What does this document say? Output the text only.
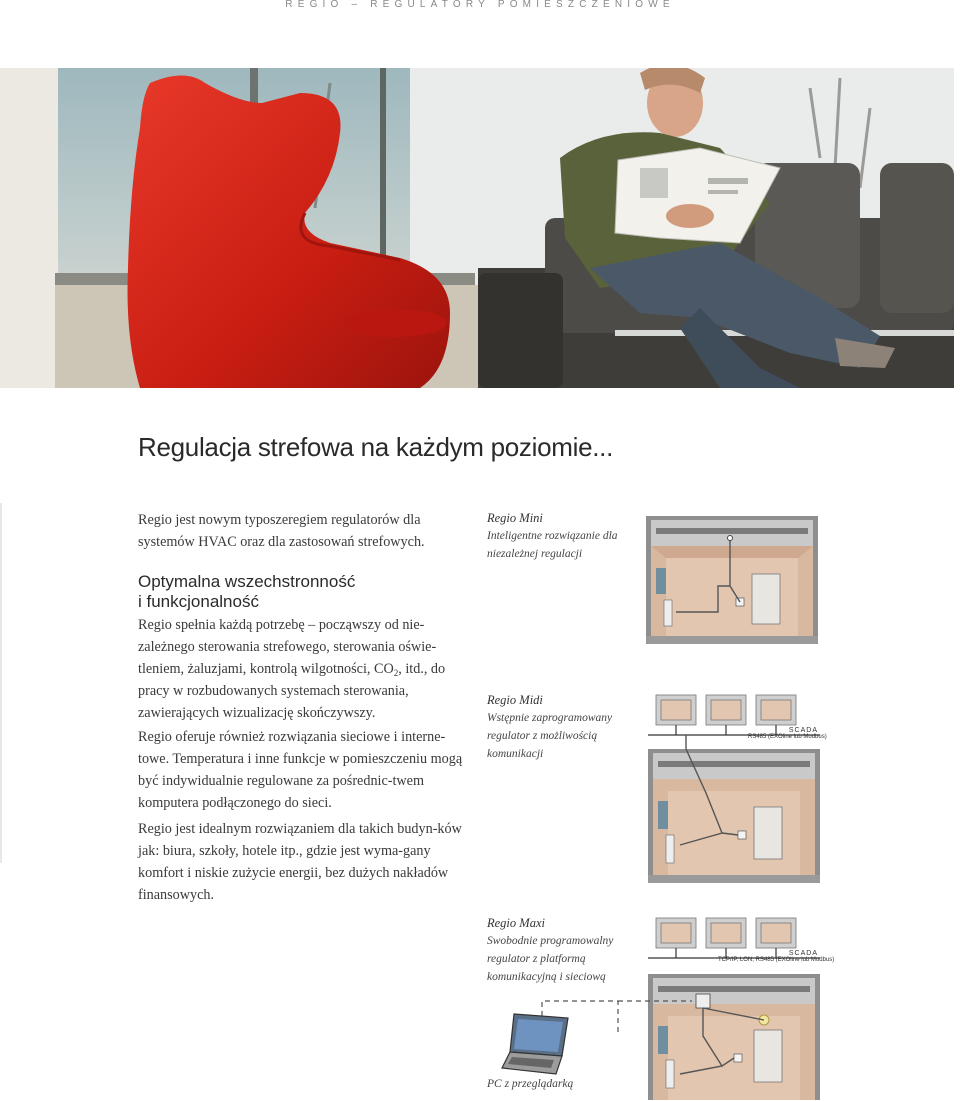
REGIO – REGULATORY POMIESZCZENIOWE
Regulacja strefowa na każdym poziomie...
Regio jest nowym typoszeregiem regulatorów dla systemów HVAC oraz dla zastosowań strefowych.
Optymalna wszechstronność
i funkcjonalność

Regio spełnia każdą potrzebę – począwszy od nie-zależnego sterowania strefowego, sterowania oświe-tleniem, żaluzjami, kontrolą wilgotności, $CO_2$, itd., do pracy w rozbudowanych systemach sterowania, zawierających wizualizację skończywszy.

Regio oferuje również rozwiązania sieciowe i interne-towe. Temperatura i inne funkcje w pomieszczeniu mogą być indywidualnie regulowane za pośrednic-twem komputera podłączonego do sieci.
Regio jest idealnym rozwiązaniem dla takich budyn-ków jak: biura, szkoły, hotele itp., gdzie jest wyma-gany komfort i niskie zużycie energii, bez dużych nakładów finansowych.
Regio Mini
Inteligentne rozwiązanie dla niezależnej regulacji
Regio Midi
Wstępnie zaprogramowany regulator z możliwością komunikacji
Regio Maxi
Swobodnie programowalny regulator z platformą komunikacyjną i sieciową
PC z przeglądarką
SCADA
RS485 (EXOline lub Modbus)
SCADA
TCP/IP, LON, RS485 (EXOline lub Modbus)
